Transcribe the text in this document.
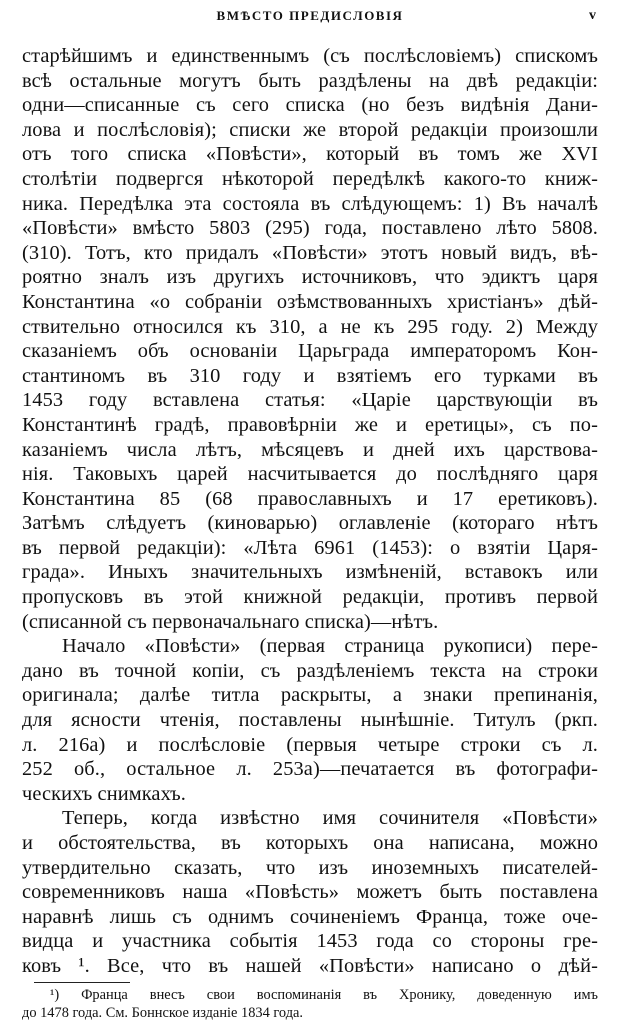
ВМѢСТО ПРЕДИСЛОВІЯ	v
старѣйшимъ и единственнымъ (съ послѣсловіемъ) спискомъ
всѣ остальные могутъ быть раздѣлены на двѣ редакціи:
одни—списанные съ сего списка (но безъ видѣнія Дани-
лова и послѣсловія); списки же второй редакціи произошли
отъ того списка «Повѣсти», который въ томъ же XVI
столѣтіи подвергся нѣкоторой передѣлкѣ какого-то книж-
ника. Передѣлка эта состояла въ слѣдующемъ: 1) Въ началѣ
«Повѣсти» вмѣсто 5803 (295) года, поставлено лѣто 5808.
(310). Тотъ, кто придалъ «Повѣсти» этотъ новый видъ, вѣ-
роятно зналъ изъ другихъ источниковъ, что эдиктъ царя
Константина «о собраніи озѣмствованныхъ христіанъ» дѣй-
ствительно относился къ 310, а не къ 295 году. 2) Между
сказаніемъ объ основаніи Царьграда императоромъ Кон-
стантиномъ въ 310 году и взятіемъ его турками въ
1453 году вставлена статья: «Царіе царствующіи въ
Константинѣ градѣ, правовѣрніи же и еретицы», съ по-
казаніемъ числа лѣтъ, мѣсяцевъ и дней ихъ царствова-
нія. Таковыхъ царей насчитывается до послѣдняго царя
Константина 85 (68 православныхъ и 17 еретиковъ).
Затѣмъ слѣдуетъ (киноварью) оглавленіе (котораго нѣтъ
въ первой редакціи): «Лѣта 6961 (1453): о взятіи Царя-
града». Иныхъ значительныхъ измѣненій, вставокъ или
пропусковъ въ этой книжной редакціи, противъ первой
(списанной съ первоначальнаго списка)—нѣтъ.
Начало «Повѣсти» (первая страница рукописи) пере-
дано въ точной копіи, съ раздѣленіемъ текста на строки
оригинала; далѣе титла раскрыты, а знаки препинанія,
для ясности чтенія, поставлены нынѣшніе. Титулъ (ркп.
л. 216а) и послѣсловіе (первыя четыре строки съ л.
252 об., остальное л. 253а)—печатается въ фотографи-
ческихъ снимкахъ.
Теперь, когда извѣстно имя сочинителя «Повѣсти»
и обстоятельства, въ которыхъ она написана, можно
утвердительно сказать, что изъ иноземныхъ писателей-
современниковъ наша «Повѣсть» можетъ быть поставлена
наравнѣ лишь съ однимъ сочиненіемъ Франца, тоже оче-
видца и участника событія 1453 года со стороны гре-
ковъ ¹. Все, что въ нашей «Повѣсти» написано о дѣй-
¹) Франца внесъ свои воспоминанія въ Хронику, доведенную имъ
до 1478 года. См. Боннское изданіе 1834 года.
